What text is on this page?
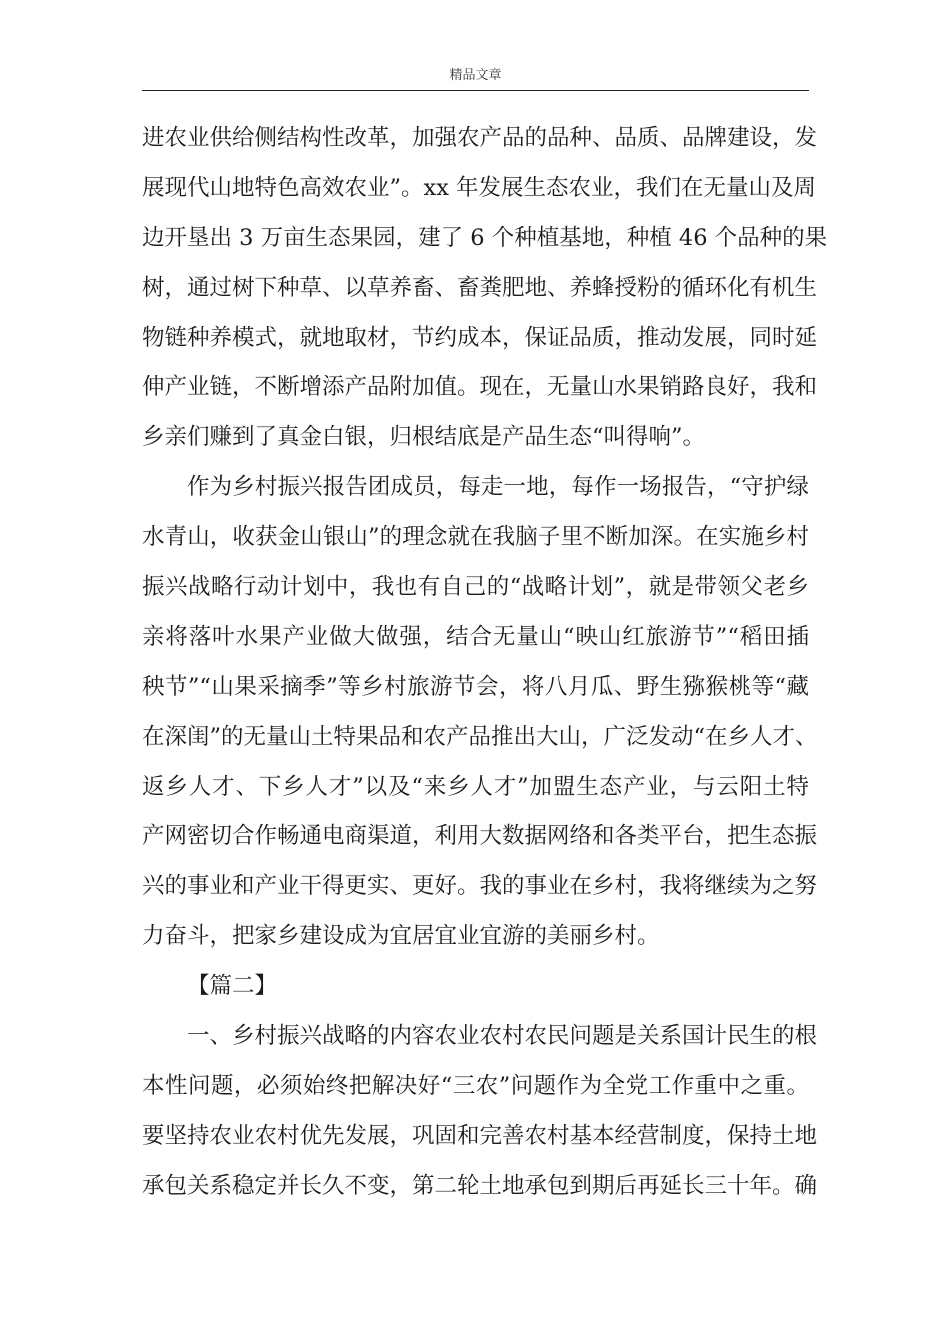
精品文章
进农业供给侧结构性改革，加强农产品的品种、品质、品牌建设，发
展现代山地特色高效农业”。xx 年发展生态农业，我们在无量山及周
边开垦出 3 万亩生态果园，建了 6 个种植基地，种植 46 个品种的果
树，通过树下种草、以草养畜、畜粪肥地、养蜂授粉的循环化有机生
物链种养模式，就地取材，节约成本，保证品质，推动发展，同时延
伸产业链，不断增添产品附加值。现在，无量山水果销路良好，我和
乡亲们赚到了真金白银，归根结底是产品生态“叫得响”。
作为乡村振兴报告团成员，每走一地，每作一场报告，“守护绿
水青山，收获金山银山”的理念就在我脑子里不断加深。在实施乡村
振兴战略行动计划中，我也有自己的“战略计划”，就是带领父老乡
亲将落叶水果产业做大做强，结合无量山“映山红旅游节”“稻田插
秧节”“山果采摘季”等乡村旅游节会，将八月瓜、野生猕猴桃等“藏
在深闺”的无量山土特果品和农产品推出大山，广泛发动“在乡人才、
返乡人才、下乡人才”以及“来乡人才”加盟生态产业，与云阳土特
产网密切合作畅通电商渠道，利用大数据网络和各类平台，把生态振
兴的事业和产业干得更实、更好。我的事业在乡村，我将继续为之努
力奋斗，把家乡建设成为宜居宜业宜游的美丽乡村。
【篇二】
一、乡村振兴战略的内容农业农村农民问题是关系国计民生的根
本性问题，必须始终把解决好“三农”问题作为全党工作重中之重。
要坚持农业农村优先发展，巩固和完善农村基本经营制度，保持土地
承包关系稳定并长久不变，第二轮土地承包到期后再延长三十年。确
